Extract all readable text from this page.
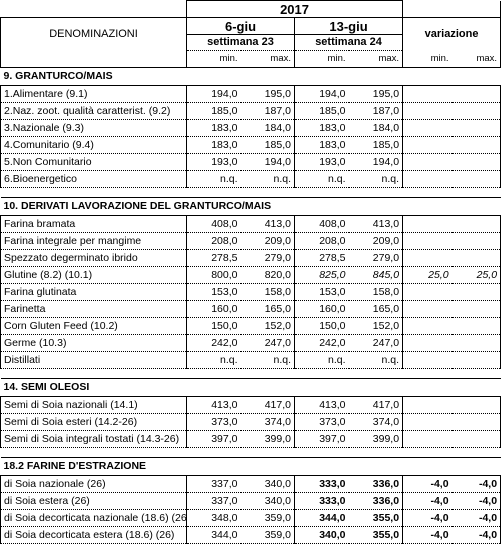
	2017					
DENOMINAZIONI	6-giu		13-giu		variazione	
	settimana 23		settimana 24			
	min.	max.	min.	max.	min.	max.
9. GRANTURCO/MAIS						
1.Alimentare (9.1)	194,0	195,0	194,0	195,0		
2.Naz. zoot. qualità caratterist. (9.2)	185,0	187,0	185,0	187,0		
3.Nazionale (9.3)	183,0	184,0	183,0	184,0		
4.Comunitario (9.4)	183,0	185,0	183,0	185,0		
5.Non Comunitario	193,0	194,0	193,0	194,0		
6.Bioenergetico	n.q.	n.q.	n.q.	n.q.		

10. DERIVATI LAVORAZIONE DEL GRANTURCO/MAIS						
Farina bramata	408,0	413,0	408,0	413,0		
Farina integrale per mangime	208,0	209,0	208,0	209,0		
Spezzato degerminato ibrido	278,5	279,0	278,5	279,0		
Glutine (8.2) (10.1)	800,0	820,0	825,0	845,0	25,0	25,0
Farina glutinata	153,0	158,0	153,0	158,0		
Farinetta	160,0	165,0	160,0	165,0		
Corn Gluten Feed (10.2)	150,0	152,0	150,0	152,0		
Germe (10.3)	242,0	247,0	242,0	247,0		
Distillati	n.q.	n.q.	n.q.	n.q.		

14. SEMI OLEOSI						
Semi di Soia nazionali (14.1)	413,0	417,0	413,0	417,0		
Semi di Soia esteri (14.2-26)	373,0	374,0	373,0	374,0		
Semi di Soia integrali tostati (14.3-26)	397,0	399,0	397,0	399,0		

18.2 FARINE D'ESTRAZIONE						
di Soia nazionale (26)	337,0	340,0	333,0	336,0	-4,0	-4,0
di Soia estera (26)	337,0	340,0	333,0	336,0	-4,0	-4,0
di Soia decorticata nazionale (18.6) (26	348,0	359,0	344,0	355,0	-4,0	-4,0
di Soia decorticata estera (18.6) (26)	344,0	359,0	340,0	355,0	-4,0	-4,0
